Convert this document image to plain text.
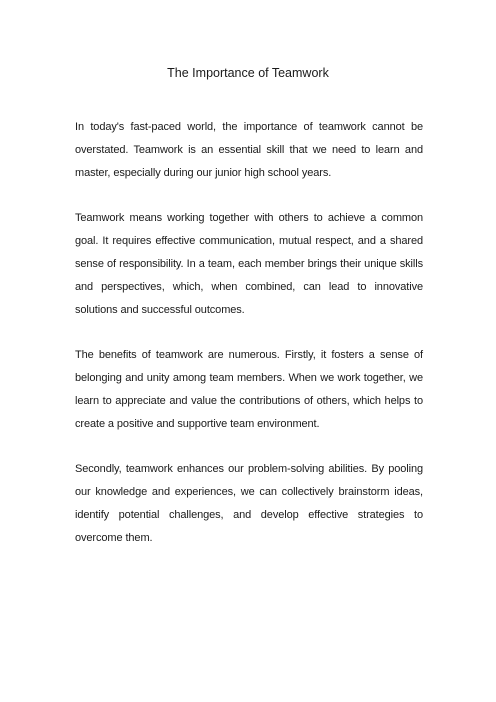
The Importance of Teamwork

In today's fast-paced world, the importance of teamwork cannot be overstated. Teamwork is an essential skill that we need to learn and master, especially during our junior high school years.

Teamwork means working together with others to achieve a common goal. It requires effective communication, mutual respect, and a shared sense of responsibility. In a team, each member brings their unique skills and perspectives, which, when combined, can lead to innovative solutions and successful outcomes.

The benefits of teamwork are numerous. Firstly, it fosters a sense of belonging and unity among team members. When we work together, we learn to appreciate and value the contributions of others, which helps to create a positive and supportive team environment.

Secondly, teamwork enhances our problem-solving abilities. By pooling our knowledge and experiences, we can collectively brainstorm ideas, identify potential challenges, and develop effective strategies to overcome them.
